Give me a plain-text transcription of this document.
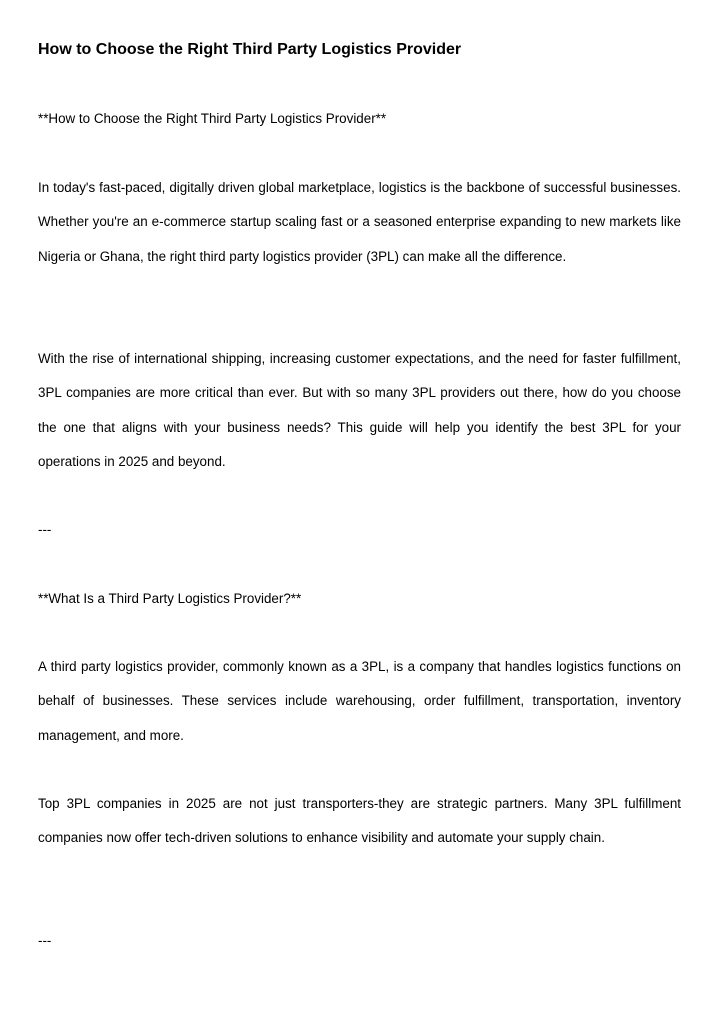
How to Choose the Right Third Party Logistics Provider

**How to Choose the Right Third Party Logistics Provider**

In today's fast-paced, digitally driven global marketplace, logistics is the backbone of successful businesses. Whether you're an e-commerce startup scaling fast or a seasoned enterprise expanding to new markets like Nigeria or Ghana, the right third party logistics provider (3PL) can make all the difference.

With the rise of international shipping, increasing customer expectations, and the need for faster fulfillment, 3PL companies are more critical than ever. But with so many 3PL providers out there, how do you choose the one that aligns with your business needs? This guide will help you identify the best 3PL for your operations in 2025 and beyond.

---

**What Is a Third Party Logistics Provider?**

A third party logistics provider, commonly known as a 3PL, is a company that handles logistics functions on behalf of businesses. These services include warehousing, order fulfillment, transportation, inventory management, and more.

Top 3PL companies in 2025 are not just transporters-they are strategic partners. Many 3PL fulfillment companies now offer tech-driven solutions to enhance visibility and automate your supply chain.

---
